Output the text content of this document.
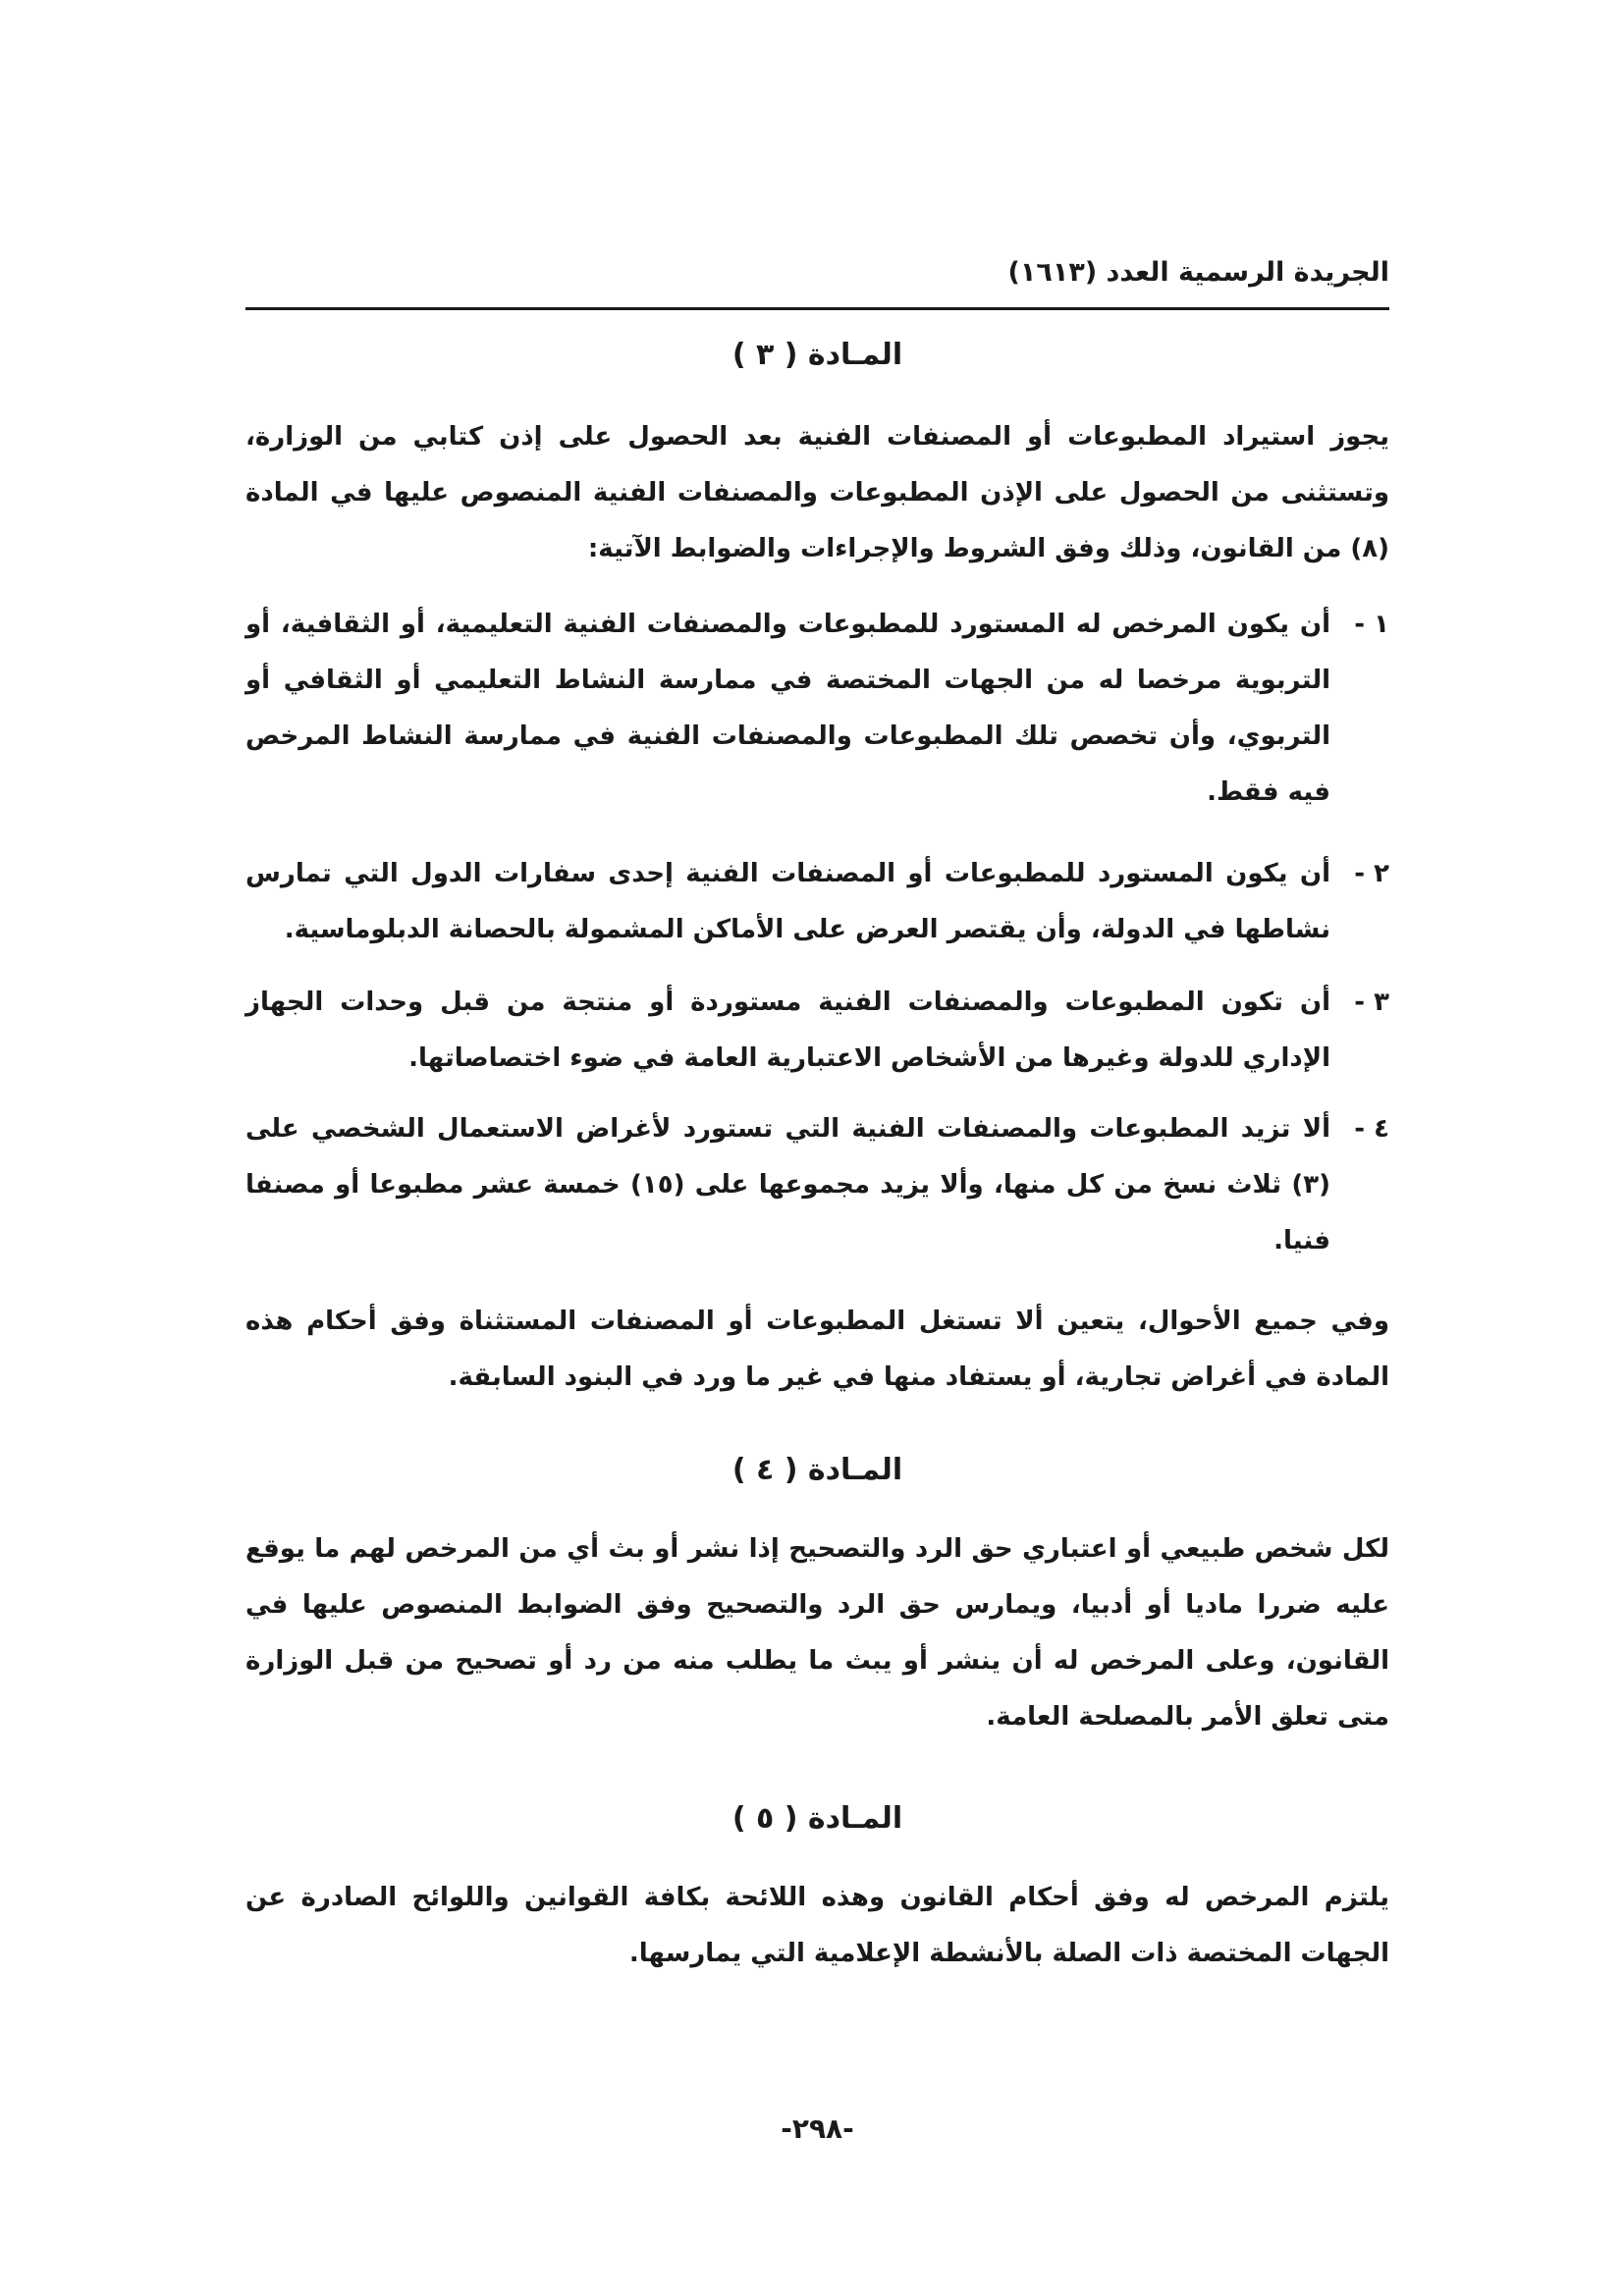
الجريدة الرسمية العدد (١٦١٣)
المـادة ( ٣ )
يجوز استيراد المطبوعات أو المصنفات الفنية بعد الحصول على إذن كتابي من الوزارة، وتستثنى من الحصول على الإذن المطبوعات والمصنفات الفنية المنصوص عليها في المادة (٨) من القانون، وذلك وفق الشروط والإجراءات والضوابط الآتية:
١ -
أن يكون المرخص له المستورد للمطبوعات والمصنفات الفنية التعليمية، أو الثقافية، أو التربوية مرخصا له من الجهات المختصة في ممارسة النشاط التعليمي أو الثقافي أو التربوي، وأن تخصص تلك المطبوعات والمصنفات الفنية في ممارسة النشاط المرخص فيه فقط.
٢ -
أن يكون المستورد للمطبوعات أو المصنفات الفنية إحدى سفارات الدول التي تمارس نشاطها في الدولة، وأن يقتصر العرض على الأماكن المشمولة بالحصانة الدبلوماسية.
٣ -
أن تكون المطبوعات والمصنفات الفنية مستوردة أو منتجة من قبل وحدات الجهاز الإداري للدولة وغيرها من الأشخاص الاعتبارية العامة في ضوء اختصاصاتها.
٤ -
ألا تزيد المطبوعات والمصنفات الفنية التي تستورد لأغراض الاستعمال الشخصي على (٣) ثلاث نسخ من كل منها، وألا يزيد مجموعها على (١٥) خمسة عشر مطبوعا أو مصنفا فنيا.
وفي جميع الأحوال، يتعين ألا تستغل المطبوعات أو المصنفات المستثناة وفق أحكام هذه المادة في أغراض تجارية، أو يستفاد منها في غير ما ورد في البنود السابقة.
المـادة ( ٤ )
لكل شخص طبيعي أو اعتباري حق الرد والتصحيح إذا نشر أو بث أي من المرخص لهم ما يوقع عليه ضررا ماديا أو أدبيا، ويمارس حق الرد والتصحيح وفق الضوابط المنصوص عليها في القانون، وعلى المرخص له أن ينشر أو يبث ما يطلب منه من رد أو تصحيح من قبل الوزارة متى تعلق الأمر بالمصلحة العامة.
المـادة ( ٥ )
يلتزم المرخص له وفق أحكام القانون وهذه اللائحة بكافة القوانين واللوائح الصادرة عن الجهات المختصة ذات الصلة بالأنشطة الإعلامية التي يمارسها.
-٢٩٨-
